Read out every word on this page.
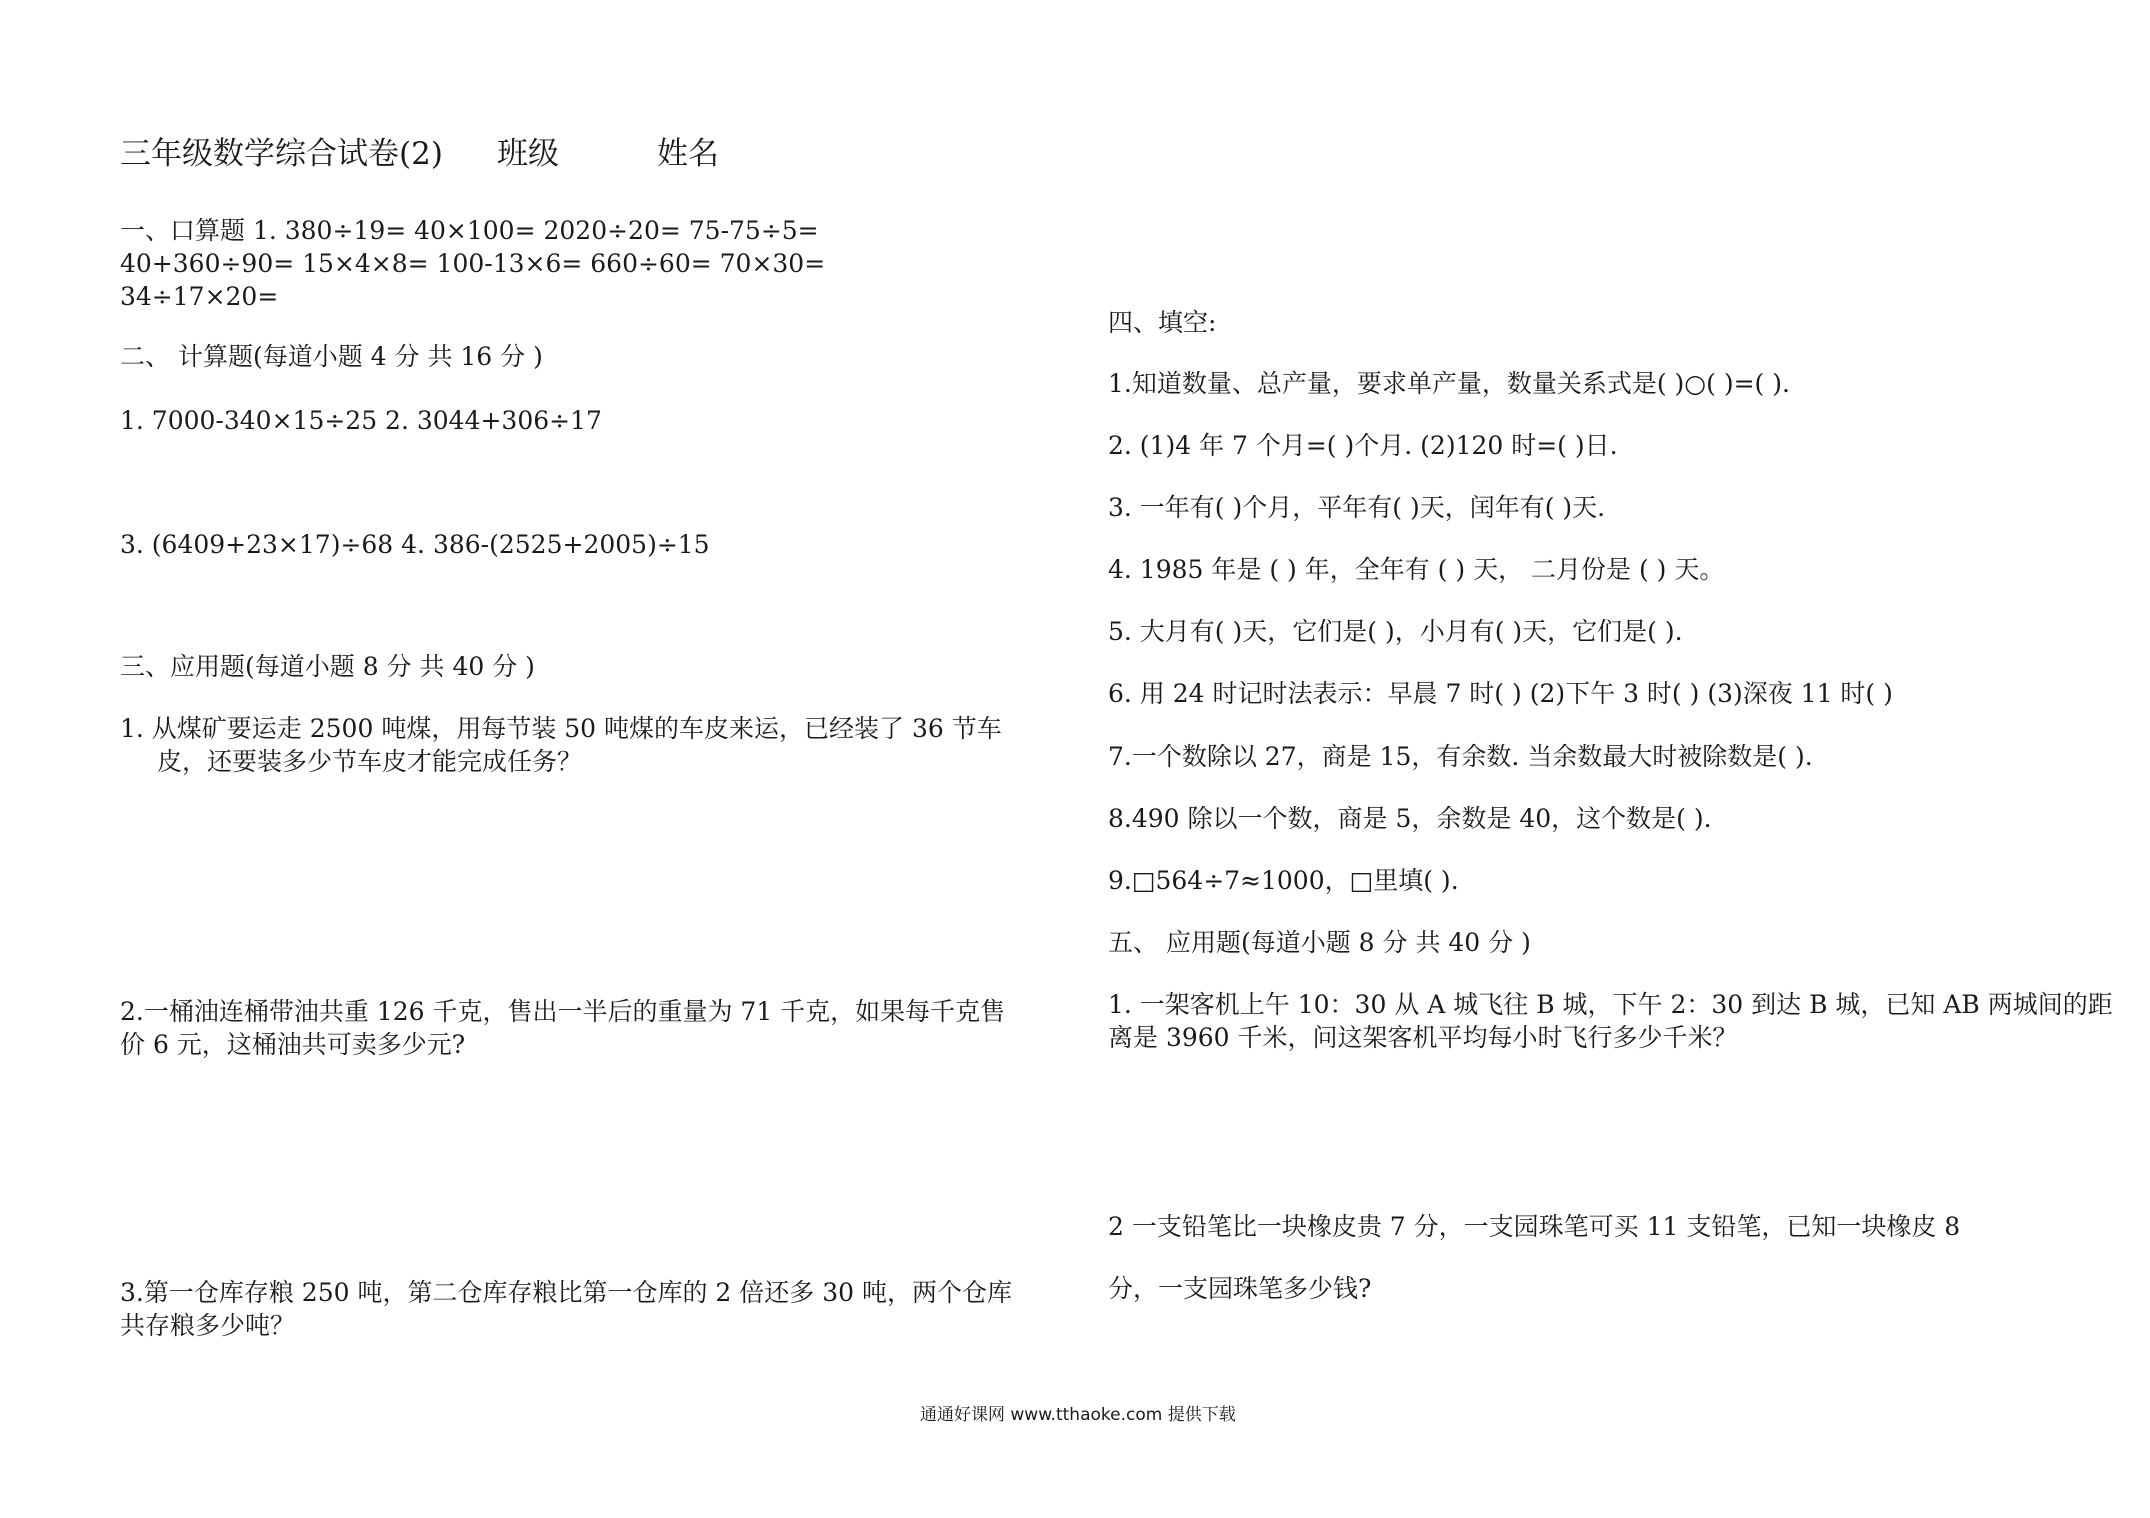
三年级数学综合试卷(2) 班级	姓名
一、口算题 1. 380÷19= 40×100= 2020÷20= 75-75÷5=
40+360÷90= 15×4×8= 100-13×6= 660÷60= 70×30=
34÷17×20=
二、 计算题(每道小题 4 分 共 16 分 )
1. 7000-340×15÷25 2. 3044+306÷17
3. (6409+23×17)÷68 4. 386-(2525+2005)÷15
三、应用题(每道小题 8 分 共 40 分 )
1. 从煤矿要运走 2500 吨煤，用每节装 50 吨煤的车皮来运，已经装了 36 节车
皮，还要装多少节车皮才能完成任务？
2.一桶油连桶带油共重 126 千克，售出一半后的重量为 71 千克，如果每千克售
价 6 元，这桶油共可卖多少元?
3.第一仓库存粮 250 吨，第二仓库存粮比第一仓库的 2 倍还多 30 吨，两个仓库
共存粮多少吨？
四、填空:
1.知道数量、总产量，要求单产量，数量关系式是( )○( )=( ).
2. (1)4 年 7 个月=( )个月. (2)120 时=( )日.
3. 一年有( )个月，平年有( )天，闰年有( )天.
4. 1985 年是 ( ) 年，全年有 ( ) 天， 二月份是 ( ) 天。
5. 大月有( )天，它们是( )，小月有( )天，它们是( ).
6. 用 24 时记时法表示：早晨 7 时( ) (2)下午 3 时( ) (3)深夜 11 时( )
7.一个数除以 27，商是 15，有余数. 当余数最大时被除数是( ).
8.490 除以一个数，商是 5，余数是 40，这个数是( ).
9.□564÷7≈1000，□里填( ).
五、 应用题(每道小题 8 分 共 40 分 )
1. 一架客机上午 10：30 从 A 城飞往 B 城，下午 2：30 到达 B 城，已知 AB 两城间的距
离是 3960 千米，问这架客机平均每小时飞行多少千米？
2 一支铅笔比一块橡皮贵 7 分，一支园珠笔可买 11 支铅笔，已知一块橡皮 8
分，一支园珠笔多少钱?
通通好课网 www.tthaoke.com 提供下载
